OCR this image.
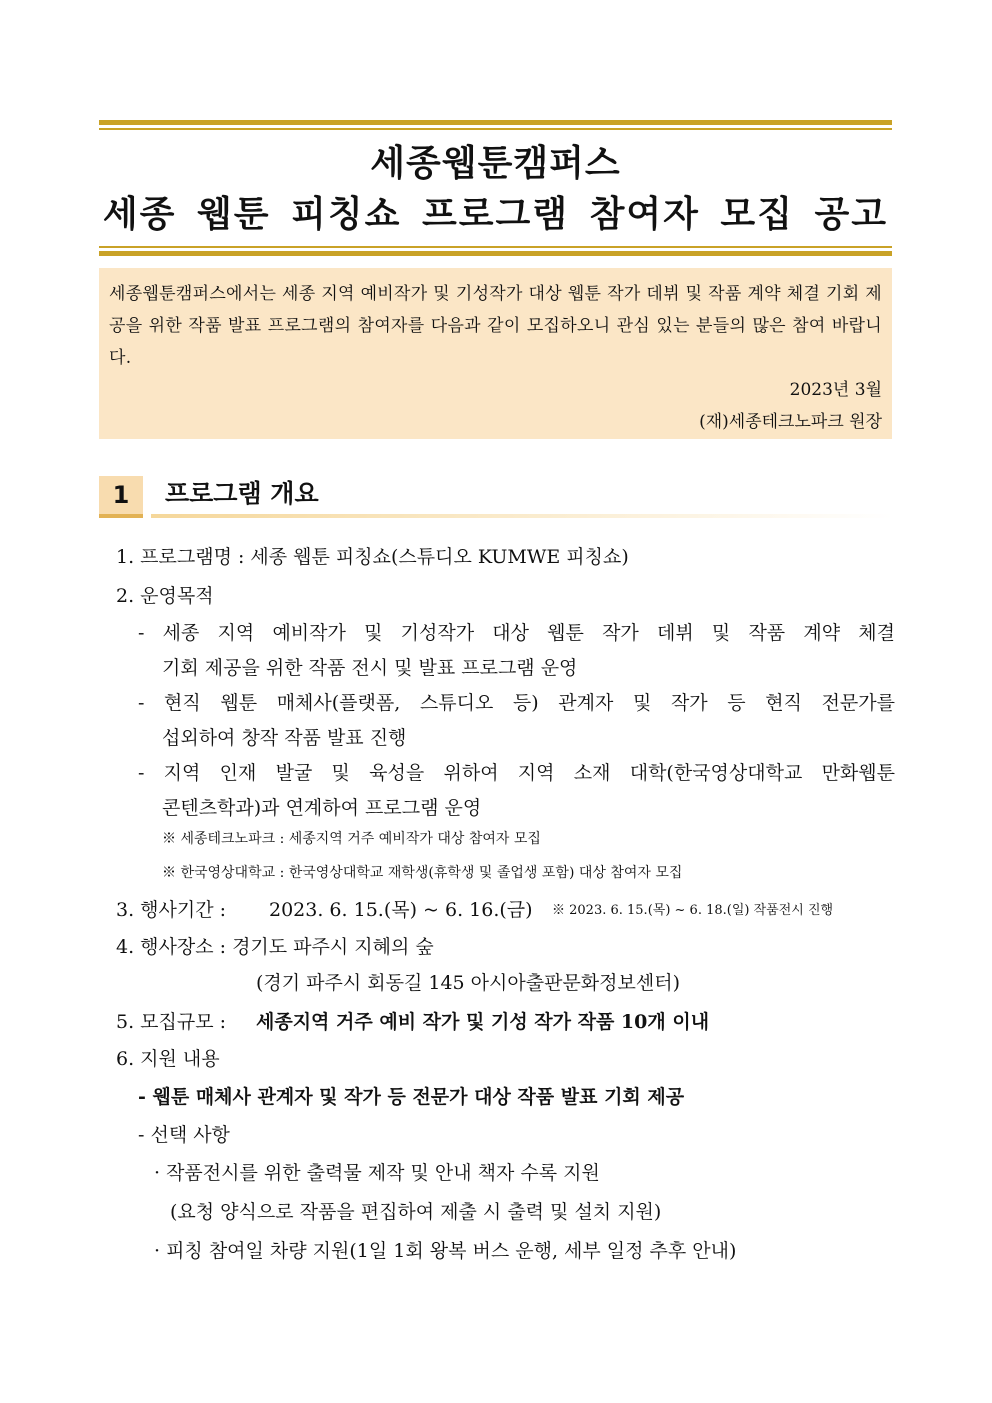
세종웹툰캠퍼스
세종 웹툰 피칭쇼 프로그램 참여자 모집 공고
세종웹툰캠퍼스에서는 세종 지역 예비작가 및 기성작가 대상 웹툰 작가 데뷔 및 작품 계약 체결 기회 제공을 위한 작품 발표 프로그램의 참여자를 다음과 같이 모집하오니 관심 있는 분들의 많은 참여 바랍니다.
2023년 3월
(재)세종테크노파크 원장
1	프로그램 개요
1. 프로그램명 : 세종 웹툰 피칭쇼(스튜디오 KUMWE 피칭쇼)
2. 운영목적
- 세종 지역 예비작가 및 기성작가 대상 웹툰 작가 데뷔 및 작품 계약 체결
기회 제공을 위한 작품 전시 및 발표 프로그램 운영
- 현직 웹툰 매체사(플랫폼, 스튜디오 등) 관계자 및 작가 등 현직 전문가를
섭외하여 창작 작품 발표 진행
- 지역 인재 발굴 및 육성을 위하여 지역 소재 대학(한국영상대학교 만화웹툰
콘텐츠학과)과 연계하여 프로그램 운영
※ 세종테크노파크 : 세종지역 거주 예비작가 대상 참여자 모집
※ 한국영상대학교 : 한국영상대학교 재학생(휴학생 및 졸업생 포함) 대상 참여자 모집
3. 행사기간 : 2023. 6. 15.(목) ~ 6. 16.(금) ※ 2023. 6. 15.(목) ~ 6. 18.(일) 작품전시 진행
4. 행사장소 : 경기도 파주시 지혜의 숲
(경기 파주시 회동길 145 아시아출판문화정보센터)
5. 모집규모 : 세종지역 거주 예비 작가 및 기성 작가 작품 10개 이내
6. 지원 내용
- 웹툰 매체사 관계자 및 작가 등 전문가 대상 작품 발표 기회 제공
- 선택 사항
· 작품전시를 위한 출력물 제작 및 안내 책자 수록 지원
(요청 양식으로 작품을 편집하여 제출 시 출력 및 설치 지원)
· 피칭 참여일 차량 지원(1일 1회 왕복 버스 운행, 세부 일정 추후 안내)
